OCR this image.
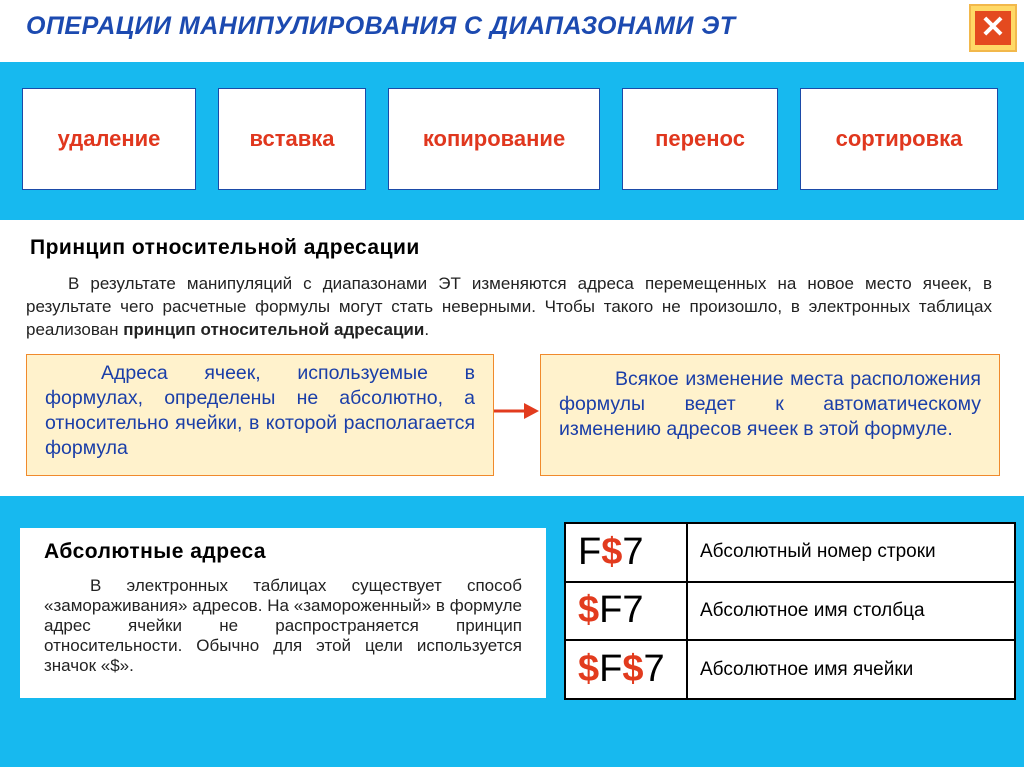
ОПЕРАЦИИ МАНИПУЛИРОВАНИЯ С ДИАПАЗОНАМИ ЭТ	✕
удаление	вставка	копирование	перенос	сортировка
Принцип относительной адресации
В результате манипуляций с диапазонами ЭТ изменяются адреса перемещенных на новое место ячеек, в результате чего расчетные формулы могут стать неверными. Чтобы такого не произошло, в электронных таблицах реализован принцип относительной адресации.
Адреса ячеек, используемые в формулах, определены не абсолютно, а относительно ячейки, в которой располагается формула
Всякое изменение места расположения формулы ведет к автоматическому изменению адресов ячеек в этой формуле.
Абсолютные адреса
В электронных таблицах существует способ «замораживания» адресов. На «замороженный» в формуле адрес ячейки не распространяется принцип относительности. Обычно для этой цели используется значок «$».
F$7	Абсолютный номер строки
$F7	Абсолютное имя столбца
$F$7	Абсолютное имя ячейки
